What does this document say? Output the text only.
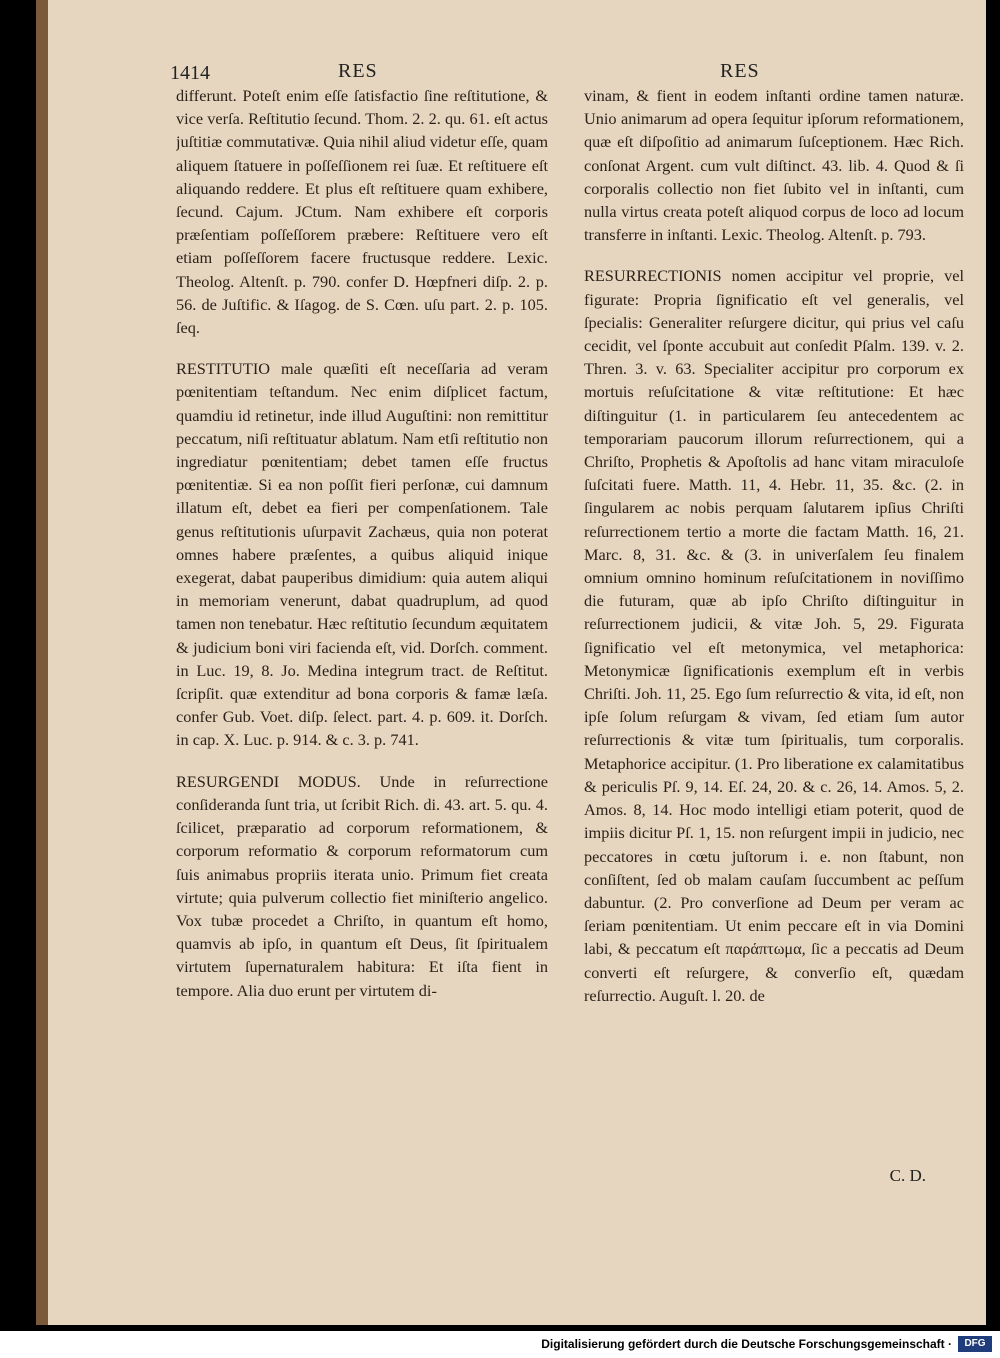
1414	RES	RES

differunt. Poteſt enim eſſe ſatisfactio ſine reſtitutione, & vice verſa. Reſtitutio ſecund. Thom. 2. 2. qu. 61. eſt actus juſtitiæ commutativæ. Quia nihil aliud videtur eſſe, quam aliquem ſtatuere in poſſeſſionem rei ſuæ. Et reſtituere eſt aliquando reddere. Et plus eſt reſtituere quam exhibere, ſecund. Cajum. JCtum. Nam exhibere eſt corporis præſentiam poſſeſſorem præbere: Reſtituere vero eſt etiam poſſeſſorem facere fructusque reddere. Lexic. Theolog. Altenſt. p. 790. confer D. Hœpfneri diſp. 2. p. 56. de Juſtific. & Iſagog. de S. Cœn. uſu part. 2. p. 105. ſeq.

RESTITUTIO male quæſiti eſt neceſſaria ad veram pœnitentiam teſtandum. Nec enim diſplicet factum, quamdiu id retinetur, inde illud Auguſtini: non remittitur peccatum, niſi reſtituatur ablatum. Nam etſi reſtitutio non ingrediatur pœnitentiam; debet tamen eſſe fructus pœnitentiæ. Si ea non poſſit fieri perſonæ, cui damnum illatum eſt, debet ea fieri per compenſationem. Tale genus reſtitutionis uſurpavit Zachæus, quia non poterat omnes habere præſentes, a quibus aliquid inique exegerat, dabat pauperibus dimidium: quia autem aliqui in memoriam venerunt, dabat quadruplum, ad quod tamen non tenebatur. Hæc reſtitutio ſecundum æquitatem & judicium boni viri facienda eſt, vid. Dorſch. comment. in Luc. 19, 8. Jo. Medina integrum tract. de Reſtitut. ſcripſit. quæ extenditur ad bona corporis & famæ læſa. confer Gub. Voet. diſp. ſelect. part. 4. p. 609. it. Dorſch. in cap. X. Luc. p. 914. & c. 3. p. 741.

RESURGENDI MODUS. Unde in reſurrectione conſideranda ſunt tria, ut ſcribit Rich. di. 43. art. 5. qu. 4. ſcilicet, præparatio ad corporum reformationem, & corporum reformatio & corporum reformatorum cum ſuis animabus propriis iterata unio. Primum fiet creata virtute; quia pulverum collectio fiet miniſterio angelico. Vox tubæ procedet a Chriſto, in quantum eſt homo, quamvis ab ipſo, in quantum eſt Deus, ſit ſpiritualem virtutem ſupernaturalem habitura: Et iſta fient in tempore. Alia duo erunt per virtutem di-

vinam, & fient in eodem inſtanti ordine tamen naturæ. Unio animarum ad opera ſequitur ipſorum reformationem, quæ eſt diſpoſitio ad animarum ſuſceptionem. Hæc Rich. conſonat Argent. cum vult diſtinct. 43. lib. 4. Quod & ſi corporalis collectio non fiet ſubito vel in inſtanti, cum nulla virtus creata poteſt aliquod corpus de loco ad locum transferre in inſtanti. Lexic. Theolog. Altenſt. p. 793.

RESURRECTIONIS nomen accipitur vel proprie, vel figurate: Propria ſignificatio eſt vel generalis, vel ſpecialis: Generaliter reſurgere dicitur, qui prius vel caſu cecidit, vel ſponte accubuit aut conſedit Pſalm. 139. v. 2. Thren. 3. v. 63. Specialiter accipitur pro corporum ex mortuis reſuſcitatione & vitæ reſtitutione: Et hæc diſtinguitur (1. in particularem ſeu antecedentem ac temporariam paucorum illorum reſurrectionem, qui a Chriſto, Prophetis & Apoſtolis ad hanc vitam miraculoſe ſuſcitati fuere. Matth. 11, 4. Hebr. 11, 35. &c. (2. in ſingularem ac nobis perquam ſalutarem ipſius Chriſti reſurrectionem tertio a morte die factam Matth. 16, 21. Marc. 8, 31. &c. & (3. in univerſalem ſeu finalem omnium omnino hominum reſuſcitationem in noviſſimo die futuram, quæ ab ipſo Chriſto diſtinguitur in reſurrectionem judicii, & vitæ Joh. 5, 29. Figurata ſignificatio vel eſt metonymica, vel metaphorica: Metonymicæ ſignificationis exemplum eſt in verbis Chriſti. Joh. 11, 25. Ego ſum reſurrectio & vita, id eſt, non ipſe ſolum reſurgam & vivam, ſed etiam ſum autor reſurrectionis & vitæ tum ſpiritualis, tum corporalis. Metaphorice accipitur. (1. Pro liberatione ex calamitatibus & periculis Pſ. 9, 14. Eſ. 24, 20. & c. 26, 14. Amos. 5, 2. Amos. 8, 14. Hoc modo intelligi etiam poterit, quod de impiis dicitur Pſ. 1, 15. non reſurgent impii in judicio, nec peccatores in cœtu juſtorum i. e. non ſtabunt, non conſiſtent, ſed ob malam cauſam ſuccumbent ac peſſum dabuntur. (2. Pro converſione ad Deum per veram ac ſeriam pœnitentiam. Ut enim peccare eſt in via Domini labi, & peccatum eſt παράπτωμα, ſic a peccatis ad Deum converti eſt reſurgere, & converſio eſt, quædam reſurrectio. Auguſt. l. 20. de

C. D.
Digitalisierung gefördert durch die Deutsche Forschungsgemeinschaft ·	DFG
